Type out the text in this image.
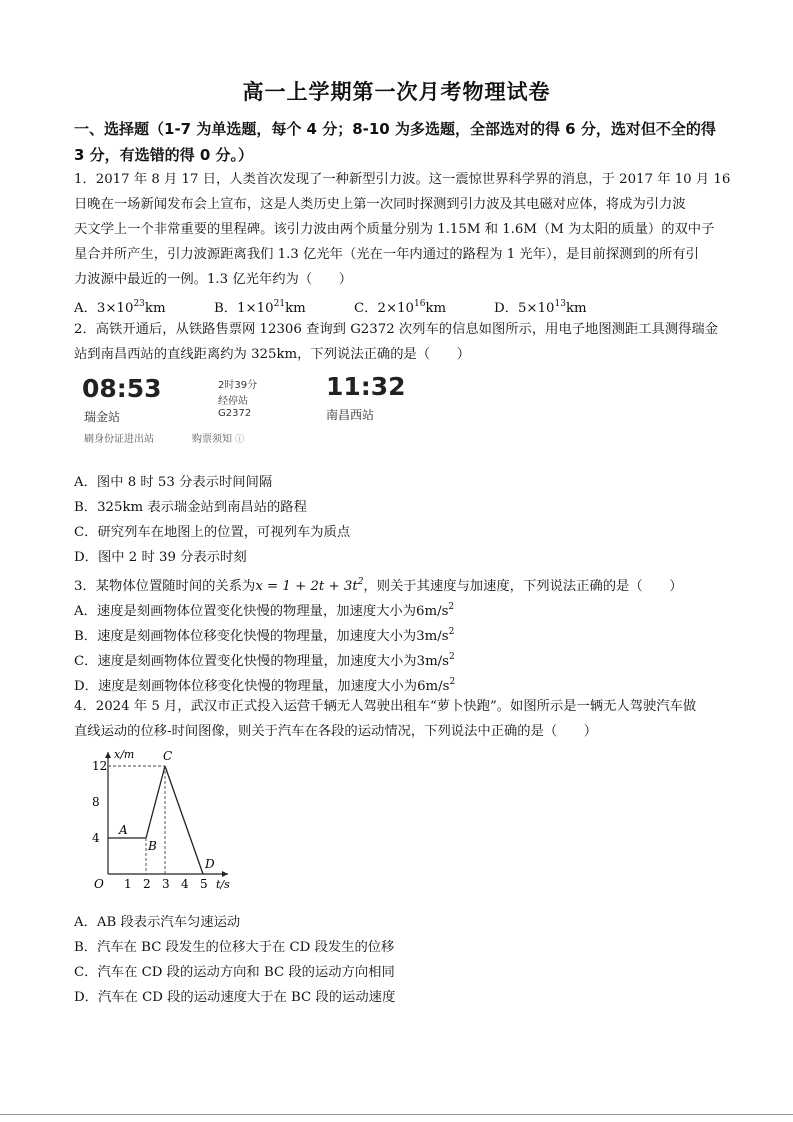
高一上学期第一次月考物理试卷
一、选择题（1-7 为单选题，每个 4 分；8-10 为多选题，全部选对的得 6 分，选对但不全的得
3 分，有选错的得 0 分。）
1．2017 年 8 月 17 日，人类首次发现了一种新型引力波。这一震惊世界科学界的消息，于 2017 年 10 月 16
日晚在一场新闻发布会上宣布，这是人类历史上第一次同时探测到引力波及其电磁对应体，将成为引力波
天文学上一个非常重要的里程碑。该引力波由两个质量分别为 1.15M 和 1.6M（M 为太阳的质量）的双中子
星合并所产生，引力波源距离我们 1.3 亿光年（光在一年内通过的路程为 1 光年），是目前探测到的所有引
力波源中最近的一例。1.3 亿光年约为（　　）
A．$3\times 10^{23}km$	B．$1\times 10^{21}km$	C．$2\times 10^{16}km$	D．$5\times 10^{13}km$
2．高铁开通后，从铁路售票网 12306 查询到 G2372 次列车的信息如图所示，用电子地图测距工具测得瑞金
站到南昌西站的直线距离约为 325km，下列说法正确的是（　　）
08:53
瑞金站
刷身份证进出站
2时39分
经停站
G2372
购票须知 ⓘ
11:32
南昌西站
A．图中 8 时 53 分表示时间间隔
B．325km 表示瑞金站到南昌站的路程
C．研究列车在地图上的位置，可视列车为质点
D．图中 2 时 39 分表示时刻
3．某物体位置随时间的关系为$x = 1 + 2t + 3t^2$，则关于其速度与加速度，下列说法正确的是（　　）
A．速度是刻画物体位置变化快慢的物理量，加速度大小为$6m/s^2$
B．速度是刻画物体位移变化快慢的物理量，加速度大小为$3m/s^2$
C．速度是刻画物体位置变化快慢的物理量，加速度大小为$3m/s^2$
D．速度是刻画物体位移变化快慢的物理量，加速度大小为$6m/s^2$
4．2024 年 5 月，武汉市正式投入运营千辆无人驾驶出租车“萝卜快跑”。如图所示是一辆无人驾驶汽车做
直线运动的位移-时间图像，则关于汽车在各段的运动情况，下列说法中正确的是（　　）
x/m
t/s
O
4
8
12
1 2 3 4 5
A
B
C
D
A．AB 段表示汽车匀速运动
B．汽车在 BC 段发生的位移大于在 CD 段发生的位移
C．汽车在 CD 段的运动方向和 BC 段的运动方向相同
D．汽车在 CD 段的运动速度大于在 BC 段的运动速度
